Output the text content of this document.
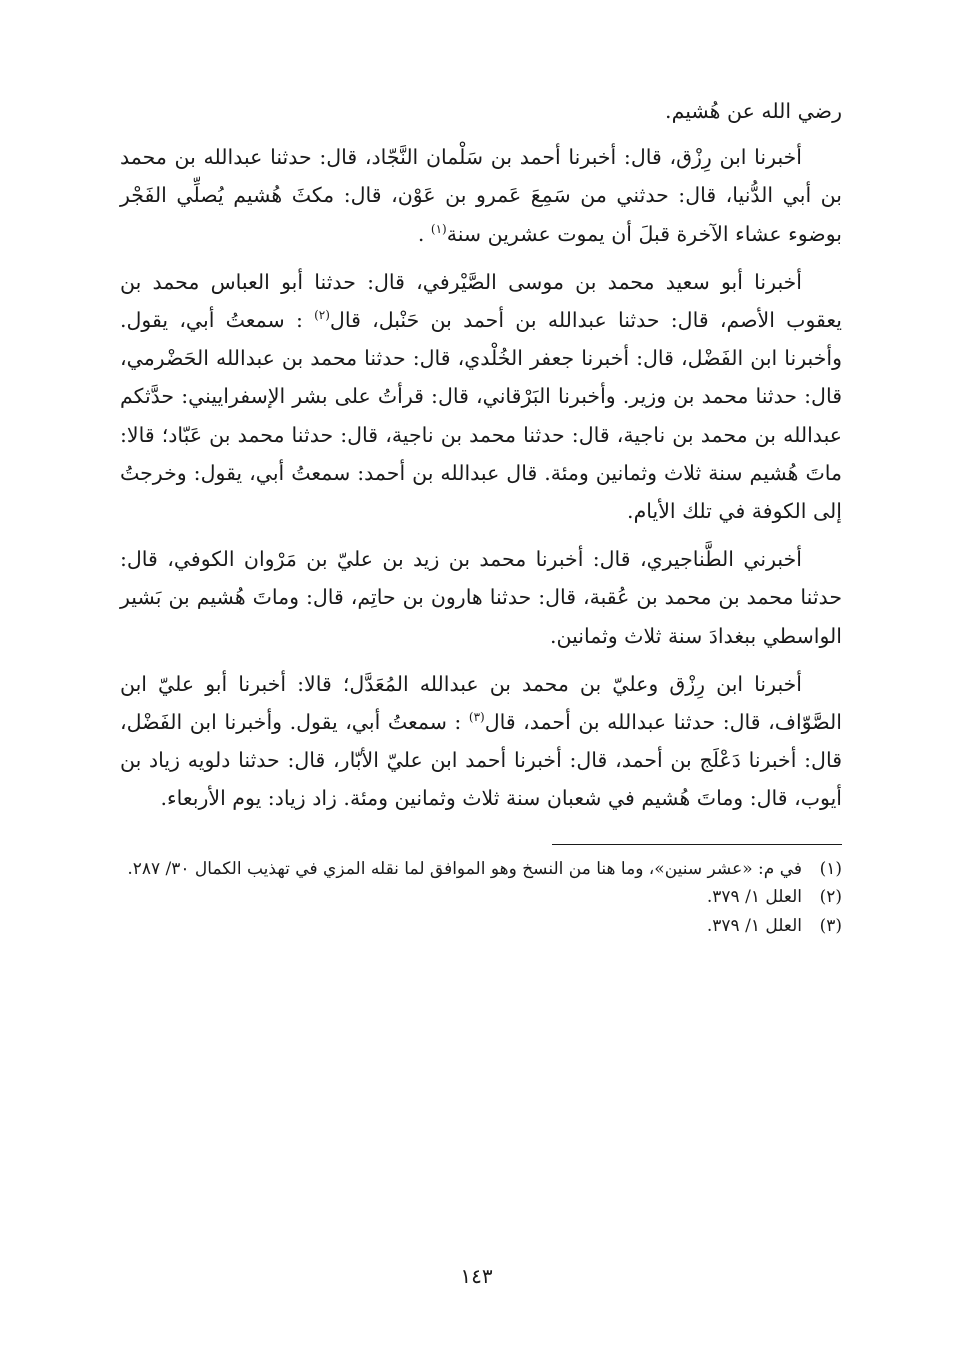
رضي الله عن هُشيم.

أخبرنا ابن رِزْق، قال: أخبرنا أحمد بن سَلْمان النَّجّاد، قال: حدثنا عبدالله بن محمد بن أبي الدُّنيا، قال: حدثني من سَمِعَ عَمرو بن عَوْن، قال: مكثَ هُشيم يُصلِّي الفَجْر بوضوء عشاء الآخرة قبلَ أن يموت عشرين سنة$^{(١)}$ .

أخبرنا أبو سعيد محمد بن موسى الصَّيْرفي، قال: حدثنا أبو العباس محمد بن يعقوب الأصم، قال: حدثنا عبدالله بن أحمد بن حَنْبل، قال$^{(٢)}$ : سمعتُ أبي، يقول. وأخبرنا ابن الفَضْل، قال: أخبرنا جعفر الخُلْدي، قال: حدثنا محمد بن عبدالله الحَضْرمي، قال: حدثنا محمد بن وزير. وأخبرنا البَرْقاني، قال: قرأتُ على بشر الإسفراييني: حدَّثكم عبدالله بن محمد بن ناجية، قال: حدثنا محمد بن ناجية، قال: حدثنا محمد بن عَبّاد؛ قالا: ماتَ هُشيم سنة ثلاث وثمانين ومئة. قال عبدالله بن أحمد: سمعتُ أبي، يقول: وخرجتُ إلى الكوفة في تلك الأيام.

أخبرني الطَّناجيري، قال: أخبرنا محمد بن زيد بن عليّ بن مَرْوان الكوفي، قال: حدثنا محمد بن محمد بن عُقبة، قال: حدثنا هارون بن حاتِم، قال: وماتَ هُشيم بن بَشير الواسطي ببغدادَ سنة ثلاث وثمانين.

أخبرنا ابن رِزْق وعليّ بن محمد بن عبدالله المُعَدَّل؛ قالا: أخبرنا أبو عليّ ابن الصَّوّاف، قال: حدثنا عبدالله بن أحمد، قال$^{(٣)}$ : سمعتُ أبي، يقول. وأخبرنا ابن الفَضْل، قال: أخبرنا دَعْلَج بن أحمد، قال: أخبرنا أحمد ابن عليّ الأبّار، قال: حدثنا دلويه زياد بن أيوب، قال: وماتَ هُشيم في شعبان سنة ثلاث وثمانين ومئة. زاد زياد: يوم الأربعاء.

(١)
في م: «عشر سنين»، وما هنا من النسخ وهو الموافق لما نقله المزي في تهذيب الكمال ٣٠/ ٢٨٧.
(٢)
العلل ١/ ٣٧٩.
(٣)
العلل ١/ ٣٧٩.
١٤٣
